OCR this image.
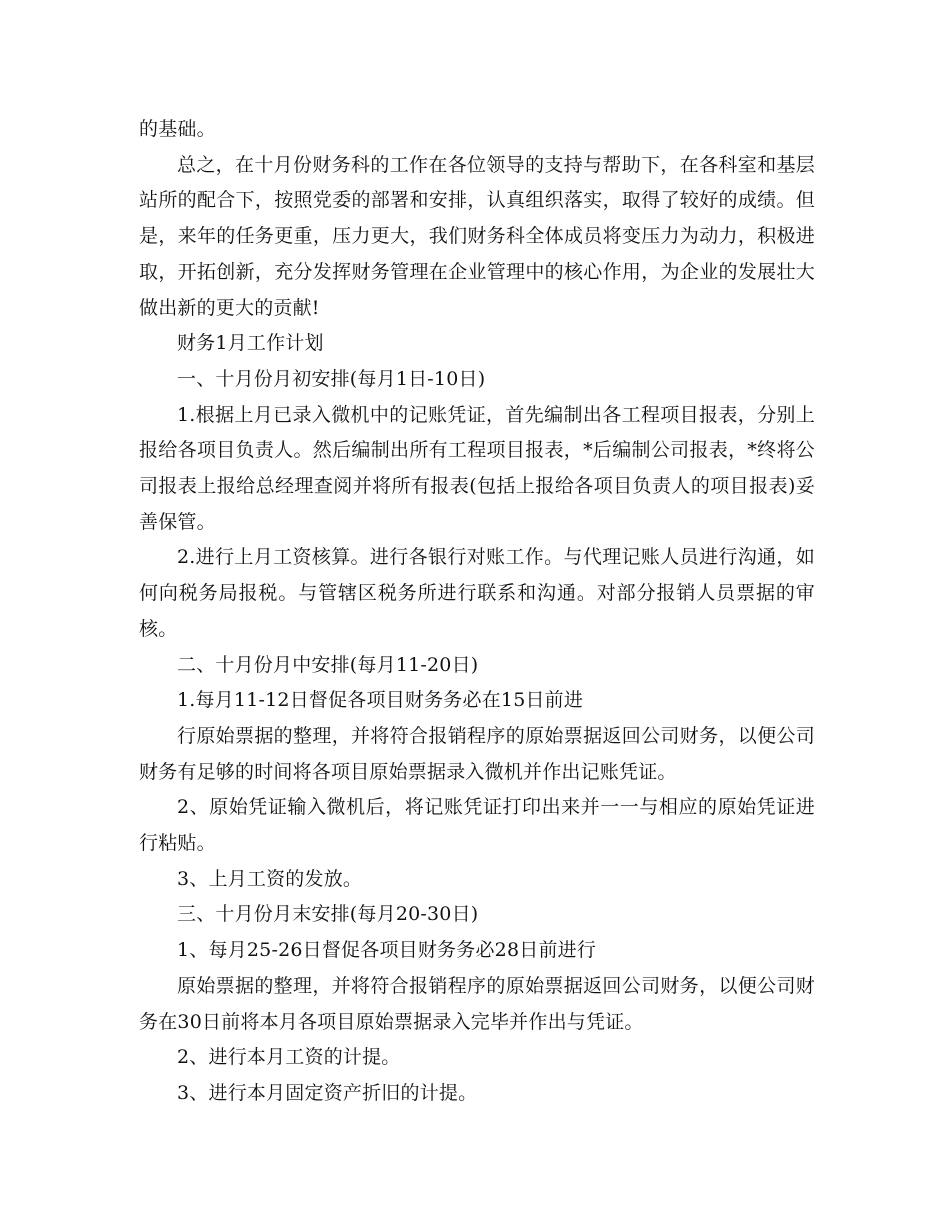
的基础。

总之，在十月份财务科的工作在各位领导的支持与帮助下，在各科室和基层站所的配合下，按照党委的部署和安排，认真组织落实，取得了较好的成绩。但是，来年的任务更重，压力更大，我们财务科全体成员将变压力为动力，积极进取，开拓创新，充分发挥财务管理在企业管理中的核心作用，为企业的发展壮大做出新的更大的贡献!

财务1月工作计划

一、十月份月初安排(每月1日-10日)

1.根据上月已录入微机中的记账凭证，首先编制出各工程项目报表，分别上报给各项目负责人。然后编制出所有工程项目报表，*后编制公司报表，*终将公司报表上报给总经理查阅并将所有报表(包括上报给各项目负责人的项目报表)妥善保管。

2.进行上月工资核算。进行各银行对账工作。与代理记账人员进行沟通，如何向税务局报税。与管辖区税务所进行联系和沟通。对部分报销人员票据的审核。

二、十月份月中安排(每月11-20日)

1.每月11-12日督促各项目财务务必在15日前进

行原始票据的整理，并将符合报销程序的原始票据返回公司财务，以便公司财务有足够的时间将各项目原始票据录入微机并作出记账凭证。

2、原始凭证输入微机后，将记账凭证打印出来并一一与相应的原始凭证进行粘贴。

3、上月工资的发放。

三、十月份月末安排(每月20-30日)

1、每月25-26日督促各项目财务务必28日前进行

原始票据的整理，并将符合报销程序的原始票据返回公司财务，以便公司财务在30日前将本月各项目原始票据录入完毕并作出与凭证。

2、进行本月工资的计提。

3、进行本月固定资产折旧的计提。
